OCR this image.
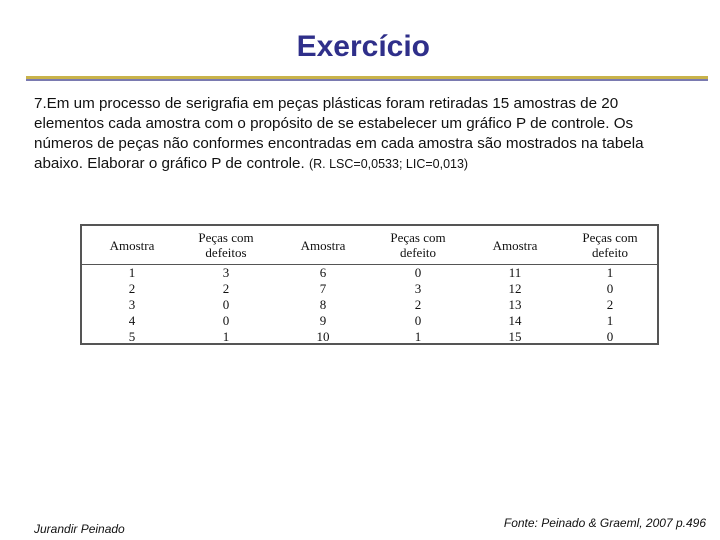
Exercício
7.Em um processo de serigrafia em peças plásticas foram retiradas 15 amostras de 20 elementos cada amostra com o propósito de se estabelecer um gráfico P de controle. Os números de peças não conformes encontradas em cada amostra são mostrados na tabela abaixo. Elaborar o gráfico P de controle. (R. LSC=0,0533; LIC=0,013)
Amostra
1
2
3
4
5
Peças com defeitos
3
2
0
0
1
Amostra
6
7
8
9
10
Peças com defeito
0
3
2
0
1
Amostra
11
12
13
14
15
Peças com defeito
1
0
2
1
0
Jurandir Peinado	Fonte: Peinado & Graeml, 2007 p.496
